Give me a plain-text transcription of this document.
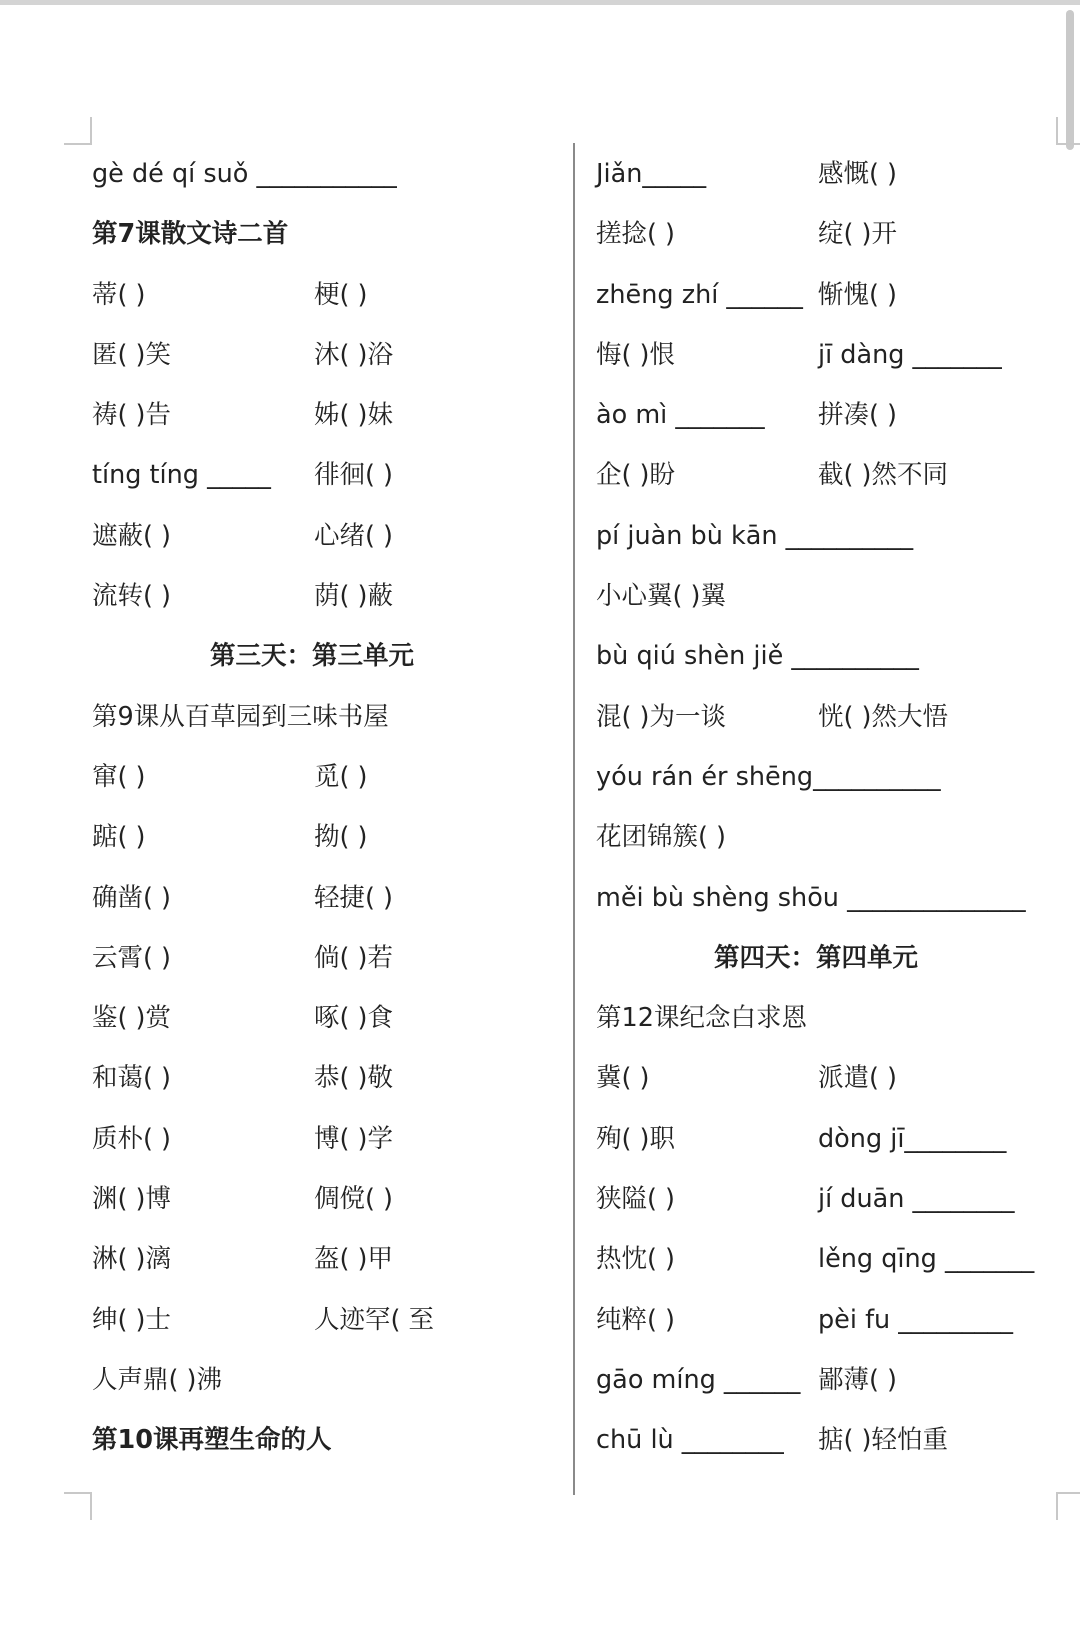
gè dé qí suǒ ___________
第7课散文诗二首
蒂( )	梗( )
匿( )笑	沐( )浴
祷( )告	姊( )妹
tíng tíng _____ 徘徊( )
遮蔽( )	心绪( )
流转( )	荫( )蔽
第三天：第三单元
第9课从百草园到三味书屋
窜( )	觅( )
踮( )	拗( )
确凿( )	轻捷( )
云霄( )	倘( )若
鉴( )赏	啄( )食
和蔼( )	恭( )敬
质朴( )	博( )学
渊( )博	倜傥( )
淋( )漓	盔( )甲
绅( )士	人迹罕( 至
人声鼎( )沸
第10课再塑生命的人
Jiǎn_____	感慨( )
搓捻( )	绽( )开
zhēng zhí ______ 惭愧( )
悔( )恨	jī dàng _______
ào mì _______ 拼凑( )
企( )盼	截( )然不同
pí juàn bù kān __________
小心翼( )翼
bù qiú shèn jiě __________
混( )为一谈	恍( )然大悟
yóu rán ér shēng__________
花团锦簇( )
měi bù shèng shōu ______________
第四天：第四单元
第12课纪念白求恩
冀( )	派遣( )
殉( )职	dòng jī________
狭隘( )	jí duān ________
热忱( )	lěng qīng _______
纯粹( )	pèi fu _________
gāo míng ______ 鄙薄( )
chū lù ________ 掂( )轻怕重
